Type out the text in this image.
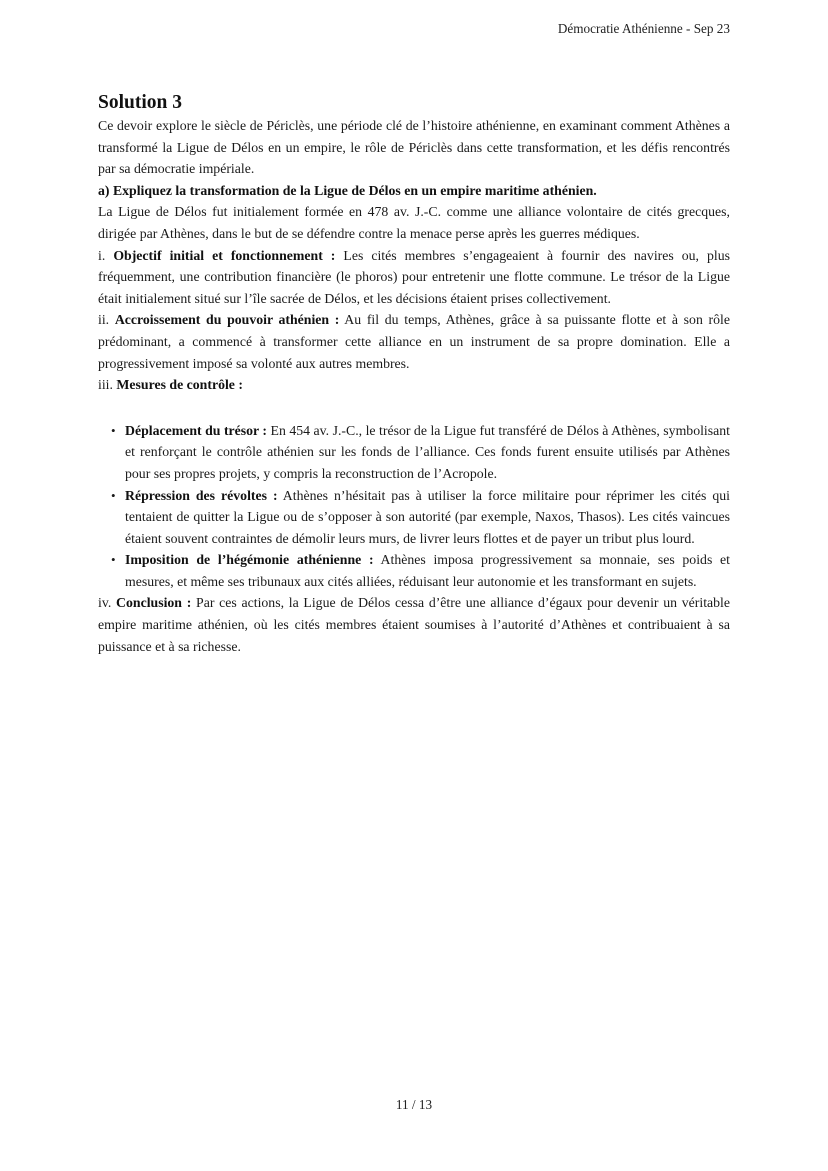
Démocratie Athénienne - Sep 23
Solution 3

Ce devoir explore le siècle de Périclès, une période clé de l’histoire athénienne, en examinant comment Athènes a transformé la Ligue de Délos en un empire, le rôle de Périclès dans cette transformation, et les défis rencontrés par sa démocratie impériale.

a) Expliquez la transformation de la Ligue de Délos en un empire maritime athénien.

La Ligue de Délos fut initialement formée en 478 av. J.-C. comme une alliance volontaire de cités grecques, dirigée par Athènes, dans le but de se défendre contre la menace perse après les guerres médiques.

i. Objectif initial et fonctionnement : Les cités membres s’engageaient à fournir des navires ou, plus fréquemment, une contribution financière (le phoros) pour entretenir une flotte commune. Le trésor de la Ligue était initialement situé sur l’île sacrée de Délos, et les décisions étaient prises collectivement.

ii. Accroissement du pouvoir athénien : Au fil du temps, Athènes, grâce à sa puissante flotte et à son rôle prédominant, a commencé à transformer cette alliance en un instrument de sa propre domination. Elle a progressivement imposé sa volonté aux autres membres.

iii. Mesures de contrôle :

• Déplacement du trésor : En 454 av. J.-C., le trésor de la Ligue fut transféré de Délos à Athènes, symbolisant et renforçant le contrôle athénien sur les fonds de l’alliance. Ces fonds furent ensuite utilisés par Athènes pour ses propres projets, y compris la reconstruction de l’Acropole.
• Répression des révoltes : Athènes n’hésitait pas à utiliser la force militaire pour réprimer les cités qui tentaient de quitter la Ligue ou de s’opposer à son autorité (par exemple, Naxos, Thasos). Les cités vaincues étaient souvent contraintes de démolir leurs murs, de livrer leurs flottes et de payer un tribut plus lourd.
• Imposition de l’hégémonie athénienne : Athènes imposa progressivement sa monnaie, ses poids et mesures, et même ses tribunaux aux cités alliées, réduisant leur autonomie et les transformant en sujets.

iv. Conclusion : Par ces actions, la Ligue de Délos cessa d’être une alliance d’égaux pour devenir un véritable empire maritime athénien, où les cités membres étaient soumises à l’autorité d’Athènes et contribuaient à sa puissance et à sa richesse.

11 / 13
